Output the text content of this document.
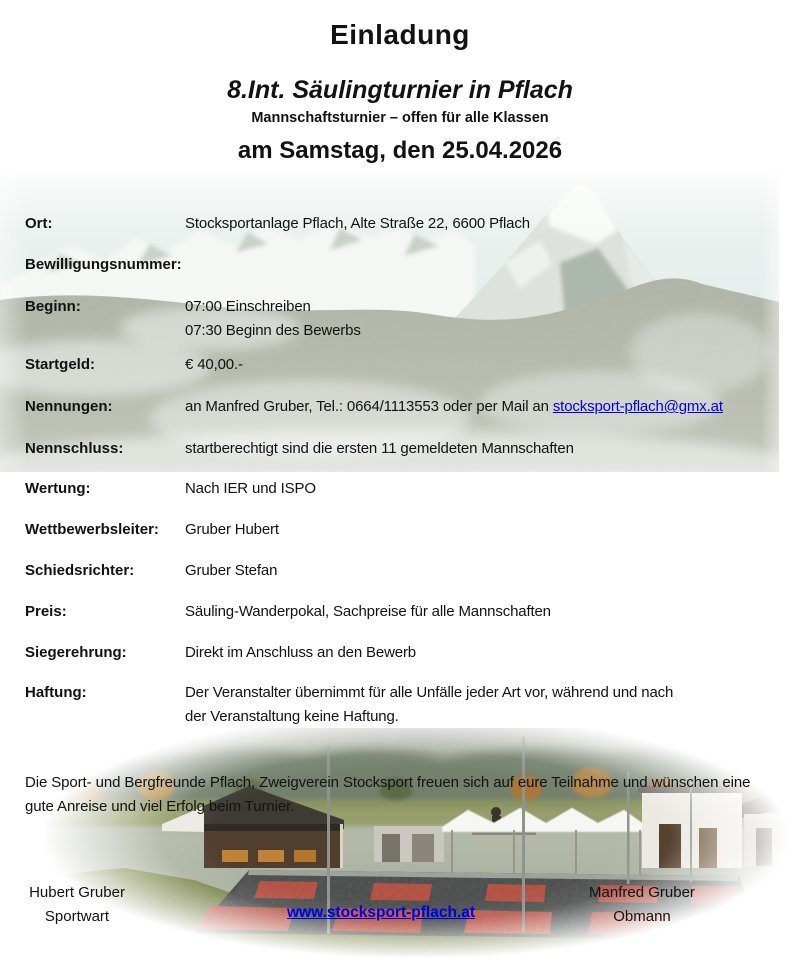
Einladung
8.Int. Säulingturnier in Pflach
Mannschaftsturnier – offen für alle Klassen
am Samstag, den 25.04.2026
Ort:	Stocksportanlage Pflach, Alte Straße 22, 6600 Pflach
Bewilligungsnummer:
Beginn:	07:00 Einschreiben
07:30 Beginn des Bewerbs
Startgeld:	€ 40,00.-
Nennungen:	an Manfred Gruber, Tel.: 0664/1113553 oder per Mail an stocksport-pflach@gmx.at
Nennschluss:	startberechtigt sind die ersten 11 gemeldeten Mannschaften
Wertung:	Nach IER und ISPO
Wettbewerbsleiter: Gruber Hubert
Schiedsrichter:	Gruber Stefan
Preis:	Säuling-Wanderpokal, Sachpreise für alle Mannschaften
Siegerehrung:	Direkt im Anschluss an den Bewerb
Haftung:	Der Veranstalter übernimmt für alle Unfälle jeder Art vor, während und nach
der Veranstaltung keine Haftung.

Die Sport- und Bergfreunde Pflach, Zweigverein Stocksport freuen sich auf eure Teilnahme und wünschen eine gute Anreise und viel Erfolg beim Turnier.

Hubert Gruber
Sportwart	www.stocksport-pflach.at
Manfred Gruber
Obmann
